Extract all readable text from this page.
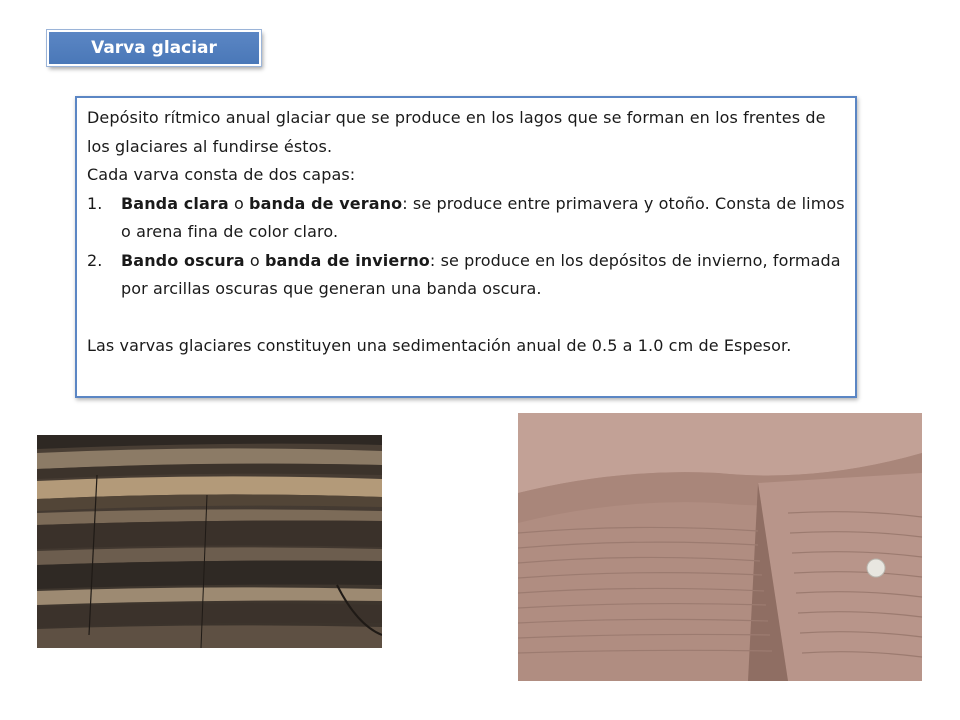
Varva glaciar

Depósito rítmico anual glaciar que se produce en los lagos que se forman en los frentes de los glaciares al fundirse éstos.

Cada varva consta de dos capas:

1. Banda clara o banda de verano: se produce entre primavera y otoño. Consta de limos o arena fina de color claro.
2. Bando oscura o banda de invierno: se produce en los depósitos de invierno, formada por arcillas oscuras que generan una banda oscura.

Las varvas glaciares constituyen una sedimentación anual de 0.5 a 1.0 cm de Espesor.
